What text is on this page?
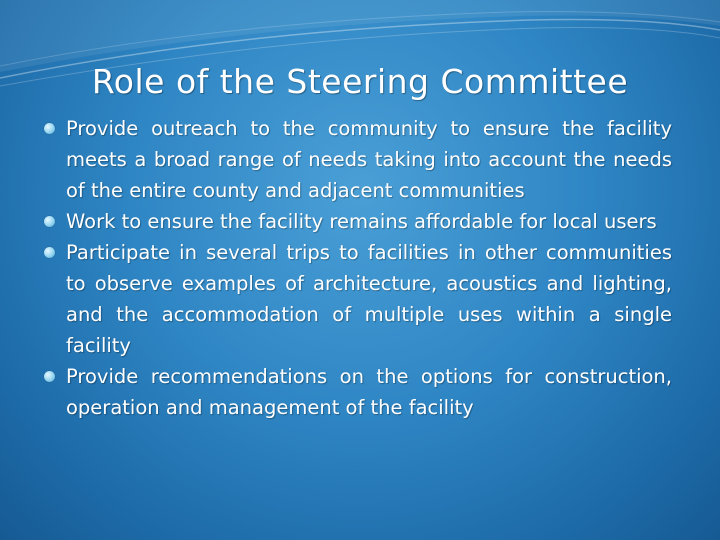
Role of the Steering Committee
Provide outreach to the community to ensure the facility meets a broad range of needs taking into account the needs of the entire county and adjacent communities
Work to ensure the facility remains affordable for local users
Participate in several trips to facilities in other communities to observe examples of architecture, acoustics and lighting, and the accommodation of multiple uses within a single facility
Provide recommendations on the options for construction, operation and management of the facility
